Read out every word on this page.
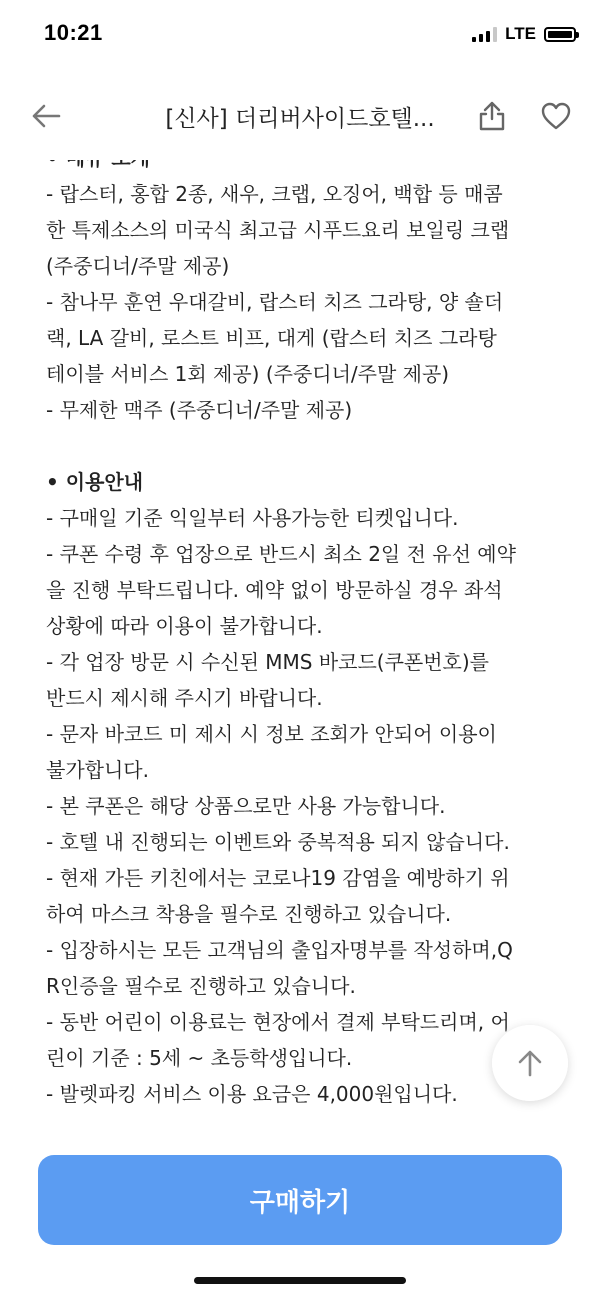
10:21	LTE
[신사] 더리버사이드호텔...
- 랍스터, 홍합 2종, 새우, 크랩, 오징어, 백합 등 매콤
한 특제소스의 미국식 최고급 시푸드요리 보일링 크랩
(주중디너/주말 제공)
- 참나무 훈연 우대갈비, 랍스터 치즈 그라탕, 양 숄더
랙, LA 갈비, 로스트 비프, 대게 (랍스터 치즈 그라탕
테이블 서비스 1회 제공) (주중디너/주말 제공)
- 무제한 맥주 (주중디너/주말 제공)
• 이용안내
- 구매일 기준 익일부터 사용가능한 티켓입니다.
- 쿠폰 수령 후 업장으로 반드시 최소 2일 전 유선 예약
을 진행 부탁드립니다. 예약 없이 방문하실 경우 좌석
상황에 따라 이용이 불가합니다.
- 각 업장 방문 시 수신된 MMS 바코드(쿠폰번호)를
반드시 제시해 주시기 바랍니다.
- 문자 바코드 미 제시 시 정보 조회가 안되어 이용이
불가합니다.
- 본 쿠폰은 해당 상품으로만 사용 가능합니다.
- 호텔 내 진행되는 이벤트와 중복적용 되지 않습니다.
- 현재 가든 키친에서는 코로나19 감염을 예방하기 위
하여 마스크 착용을 필수로 진행하고 있습니다.
- 입장하시는 모든 고객님의 출입자명부를 작성하며,Q
R인증을 필수로 진행하고 있습니다.
- 동반 어린이 이용료는 현장에서 결제 부탁드리며, 어
린이 기준 : 5세 ~ 초등학생입니다.
- 발렛파킹 서비스 이용 요금은 4,000원입니다.
구매하기
